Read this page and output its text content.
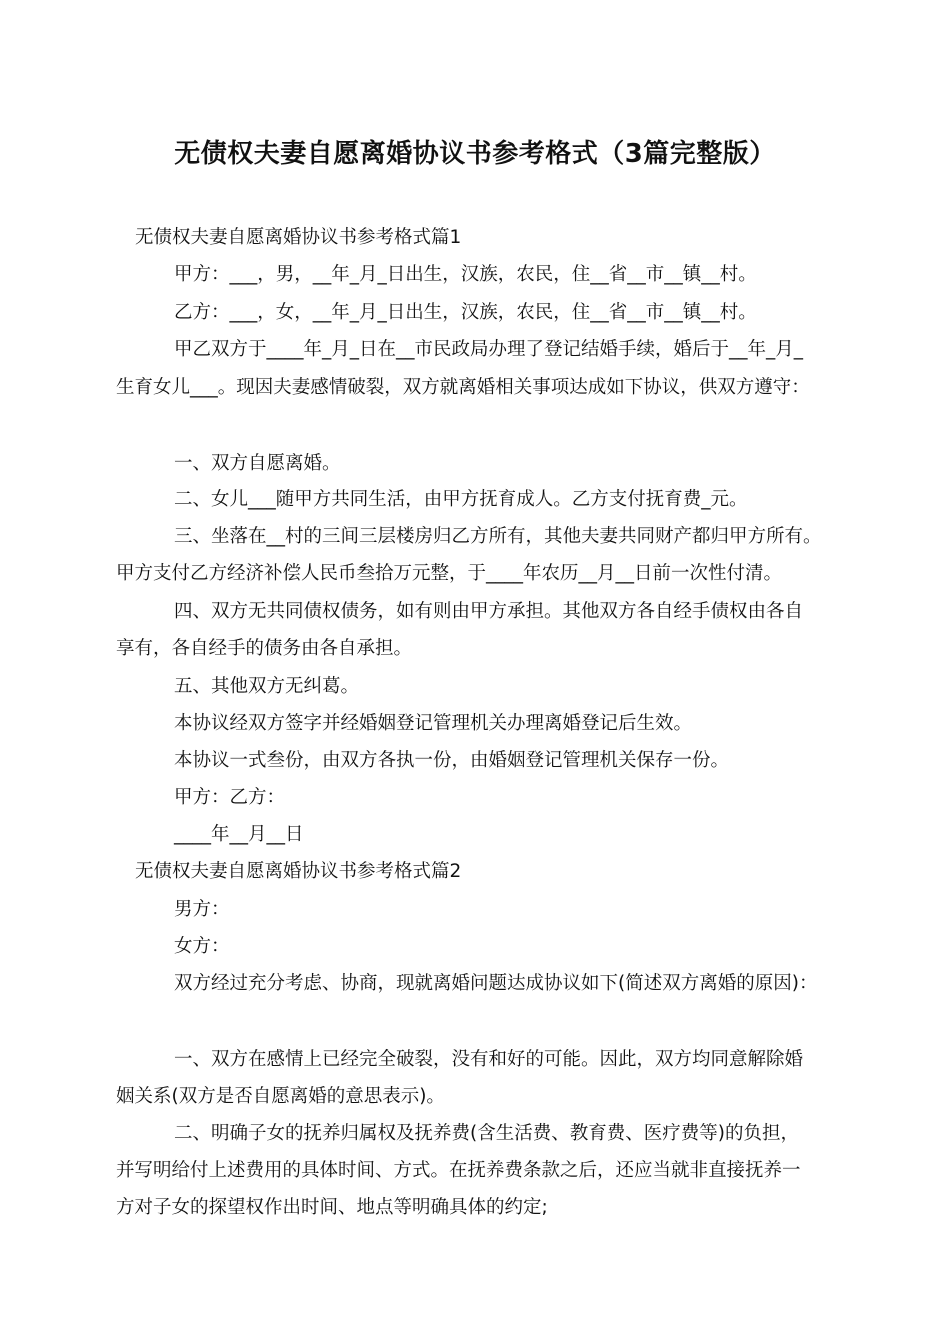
无债权夫妻自愿离婚协议书参考格式（3篇完整版）
无债权夫妻自愿离婚协议书参考格式篇1
甲方：___，男，__年_月_日出生，汉族，农民，住__省__市__镇__村。
乙方：___，女，__年_月_日出生，汉族，农民，住__省__市__镇__村。
甲乙双方于____年_月_日在__市民政局办理了登记结婚手续，婚后于__年_月_
生育女儿___。现因夫妻感情破裂，双方就离婚相关事项达成如下协议，供双方遵守：
一、双方自愿离婚。
二、女儿___随甲方共同生活，由甲方抚育成人。乙方支付抚育费_元。
三、坐落在__村的三间三层楼房归乙方所有，其他夫妻共同财产都归甲方所有。
甲方支付乙方经济补偿人民币叁拾万元整，于____年农历__月__日前一次性付清。
四、双方无共同债权债务，如有则由甲方承担。其他双方各自经手债权由各自
享有，各自经手的债务由各自承担。
五、其他双方无纠葛。
本协议经双方签字并经婚姻登记管理机关办理离婚登记后生效。
本协议一式叁份，由双方各执一份，由婚姻登记管理机关保存一份。
甲方：乙方：
____年__月__日
无债权夫妻自愿离婚协议书参考格式篇2
男方：
女方：
双方经过充分考虑、协商，现就离婚问题达成协议如下(简述双方离婚的原因)：
一、双方在感情上已经完全破裂，没有和好的可能。因此，双方均同意解除婚
姻关系(双方是否自愿离婚的意思表示)。
二、明确子女的抚养归属权及抚养费(含生活费、教育费、医疗费等)的负担，
并写明给付上述费用的具体时间、方式。在抚养费条款之后，还应当就非直接抚养一
方对子女的探望权作出时间、地点等明确具体的约定;
